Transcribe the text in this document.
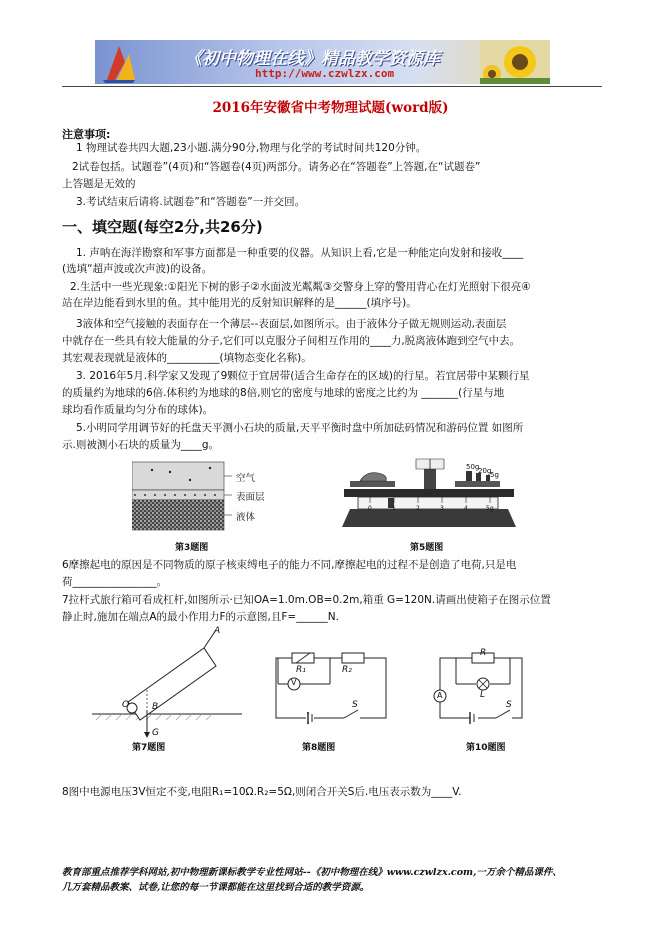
《初中物理在线》精品教学资源库
http://www.czwlzx.com
2016年安徽省中考物理试题(word版)
注意事项:
1 物理试卷共四大题,23小题.满分90分,物理与化学的考试时间共120分钟。
2试卷包括。试题卷”(4页)和“答题卷(4页)两部分。请务必在“答题卷”上答题,在“试题卷”
上答题是无效的
3.考试结束后请将.试题卷”和“答题卷”一并交回。
一、填空题(每空2分,共26分)
1. 声呐在海洋勘察和军事方面都是一种重要的仪器。从知识上看,它是一种能定向发射和接收____
(选填“超声波或次声波)的设备。
2.生活中一些光现象:①阳光下树的影子②水面波光粼粼③交警身上穿的警用背心在灯光照射下很亮④
站在岸边能看到水里的鱼。其中能用光的反射知识解释的是______(填序号)。
3液体和空气接触的表面存在一个薄层--表面层,如图所示。由于液体分子做无规则运动,表面层
中就存在一些具有较大能量的分子,它们可以克服分子间相互作用的____力,脱离液体跑到空气中去。
其宏观表现就是液体的__________(填物态变化名称)。
3. 2016年5月.科学家又发现了9颗位于宜居带(适合生命存在的区域)的行星。若宜居带中某颗行星
的质量约为地球的6倍.体积约为地球的8倍,则它的密度与地球的密度之比约为 _______(行星与地
球均看作质量均匀分布的球体)。
5.小明同学用调节好的托盘天平测小石块的质量,天平平衡时盘中所加砝码情况和游码位置 如图所
示.则被测小石块的质量为____g。
空气
表面层
液体
第3题图
50g
20g
5g
0	1	2	3	4	5g
第5题图
6摩擦起电的原因是不同物质的原子核束缚电子的能力不同,摩擦起电的过程不是创造了电荷,只是电
荷________________。
7拉杆式旅行箱可看成杠杆,如图所示·已知OA=1.0m.OB=0.2m,箱重 G=120N.请画出使箱子在图示位置
静止时,施加在端点A的最小作用力F的示意图,且F=______N.
A
O	B
G
第7题图
R₁	R₂
V
S
第8题图
R
L
A
S
第10题图
8图中电源电压3V恒定不变,电阻R₁=10Ω.R₂=5Ω,则闭合开关S后.电压表示数为____V.
教育部重点推荐学科网站,初中物理新课标教学专业性网站--《初中物理在线》www.czwlzx.com,一万余个精品课件、
几万套精品教案、试卷,让您的每一节课都能在这里找到合适的教学资源。
